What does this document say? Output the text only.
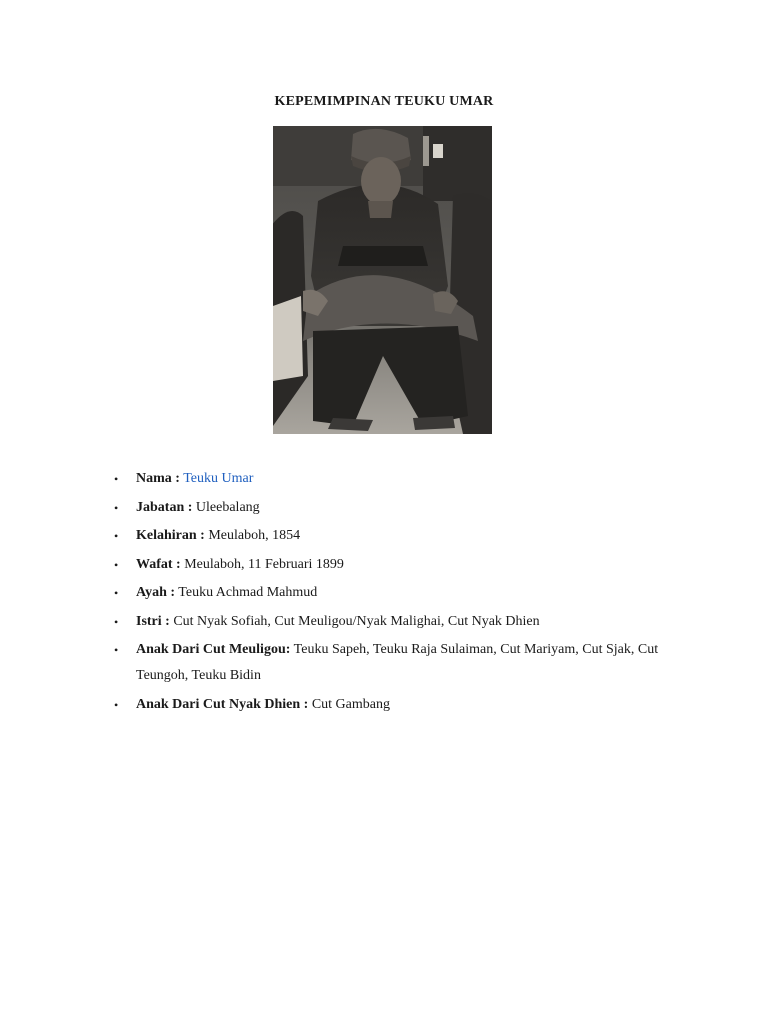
KEPEMIMPINAN TEUKU UMAR
• Nama : Teuku Umar
• Jabatan : Uleebalang
• Kelahiran : Meulaboh, 1854
• Wafat : Meulaboh, 11 Februari 1899
• Ayah : Teuku Achmad Mahmud
• Istri : Cut Nyak Sofiah, Cut Meuligou/Nyak Malighai, Cut Nyak Dhien
• Anak Dari Cut Meuligou: Teuku Sapeh, Teuku Raja Sulaiman, Cut Mariyam, Cut Sjak, Cut Teungoh, Teuku Bidin
• Anak Dari Cut Nyak Dhien : Cut Gambang
